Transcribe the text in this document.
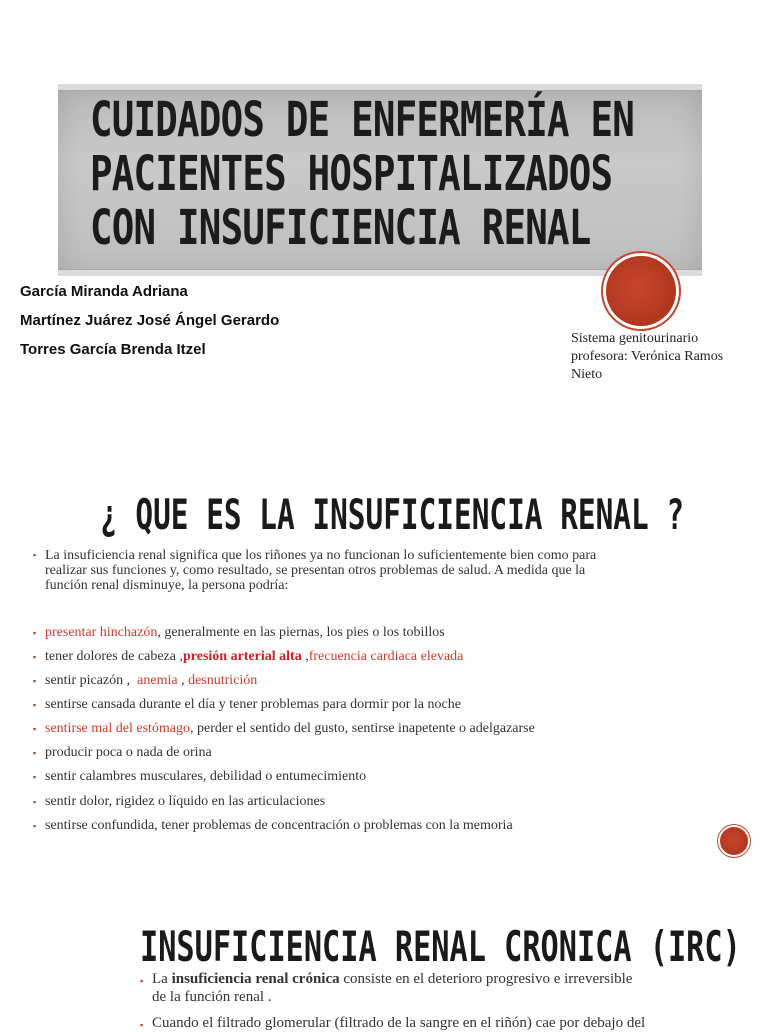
CUIDADOS DE ENFERMERÍA EN
PACIENTES HOSPITALIZADOS
CON INSUFICIENCIA RENAL
García Miranda Adriana
Martínez Juárez José Ángel Gerardo
Torres García Brenda Itzel
Sistema genitourinario
profesora: Verónica Ramos
Nieto
¿ QUE ES LA INSUFICIENCIA RENAL ?
▪ La insuficiencia renal significa que los riñones ya no funcionan lo suficientemente bien como para
realizar sus funciones y, como resultado, se presentan otros problemas de salud. A medida que la
función renal disminuye, la persona podría:
▪ presentar hinchazón, generalmente en las piernas, los pies o los tobillos
▪ tener dolores de cabeza ,presión arterial alta ,frecuencia cardiaca elevada
▪ sentir picazón ,  anemia , desnutrición
▪ sentirse cansada durante el día y tener problemas para dormir por la noche
▪ sentirse mal del estómago, perder el sentido del gusto, sentirse inapetente o adelgazarse
▪ producir poca o nada de orina
▪ sentir calambres musculares, debilidad o entumecimiento
▪ sentir dolor, rigidez o líquido en las articulaciones
▪ sentirse confundida, tener problemas de concentración o problemas con la memoria
INSUFICIENCIA RENAL CRONICA (IRC)
▪ La insuficiencia renal crónica consiste en el deterioro progresivo e irreversible
de la función renal .
▪ Cuando el filtrado glomerular (filtrado de la sangre en el riñón) cae por debajo del
